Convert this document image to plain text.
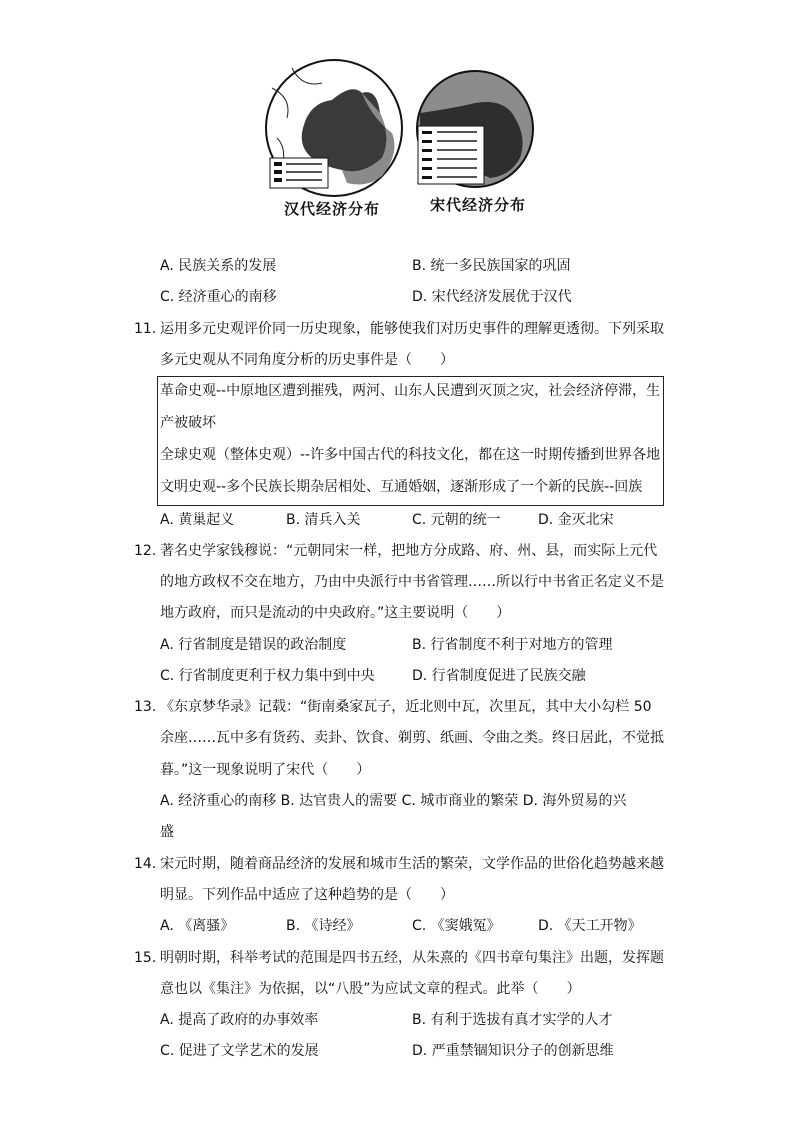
汉代经济分布	宋代经济分布
A. 民族关系的发展	B. 统一多民族国家的巩固
C. 经济重心的南移	D. 宋代经济发展优于汉代
11. 运用多元史观评价同一历史现象，能够使我们对历史事件的理解更透彻。下列采取
多元史观从不同角度分析的历史事件是（　　）
革命史观--中原地区遭到摧残，两河、山东人民遭到灭顶之灾，社会经济停滞，生
产被破坏
全球史观（整体史观）--许多中国古代的科技文化，都在这一时期传播到世界各地
文明史观--多个民族长期杂居相处、互通婚姻，逐渐形成了一个新的民族--回族
A. 黄巢起义	B. 清兵入关	C. 元朝的统一	D. 金灭北宋
12. 著名史学家钱穆说：“元朝同宋一样，把地方分成路、府、州、县，而实际上元代
的地方政权不交在地方，乃由中央派行中书省管理……所以行中书省正名定义不是
地方政府，而只是流动的中央政府。”这主要说明（　　）
A. 行省制度是错误的政治制度	B. 行省制度不利于对地方的管理
C. 行省制度更利于权力集中到中央	D. 行省制度促进了民族交融
13. 《东京梦华录》记载：“街南桑家瓦子，近北则中瓦，次里瓦，其中大小勾栏 50
余座……瓦中多有货药、卖卦、饮食、剃剪、纸画、令曲之类。终日居此，不觉抵
暮。”这一现象说明了宋代（　　）
A. 经济重心的南移 B. 达官贵人的需要 C. 城市商业的繁荣 D. 海外贸易的兴
盛
14. 宋元时期，随着商品经济的发展和城市生活的繁荣，文学作品的世俗化趋势越来越
明显。下列作品中适应了这种趋势的是（　　）
A. 《离骚》	B. 《诗经》	C. 《窦娥冤》	D. 《天工开物》
15. 明朝时期，科举考试的范围是四书五经，从朱熹的《四书章句集注》出题，发挥题
意也以《集注》为依据，以“八股”为应试文章的程式。此举（　　）
A. 提高了政府的办事效率	B. 有利于选拔有真才实学的人才
C. 促进了文学艺术的发展	D. 严重禁锢知识分子的创新思维
